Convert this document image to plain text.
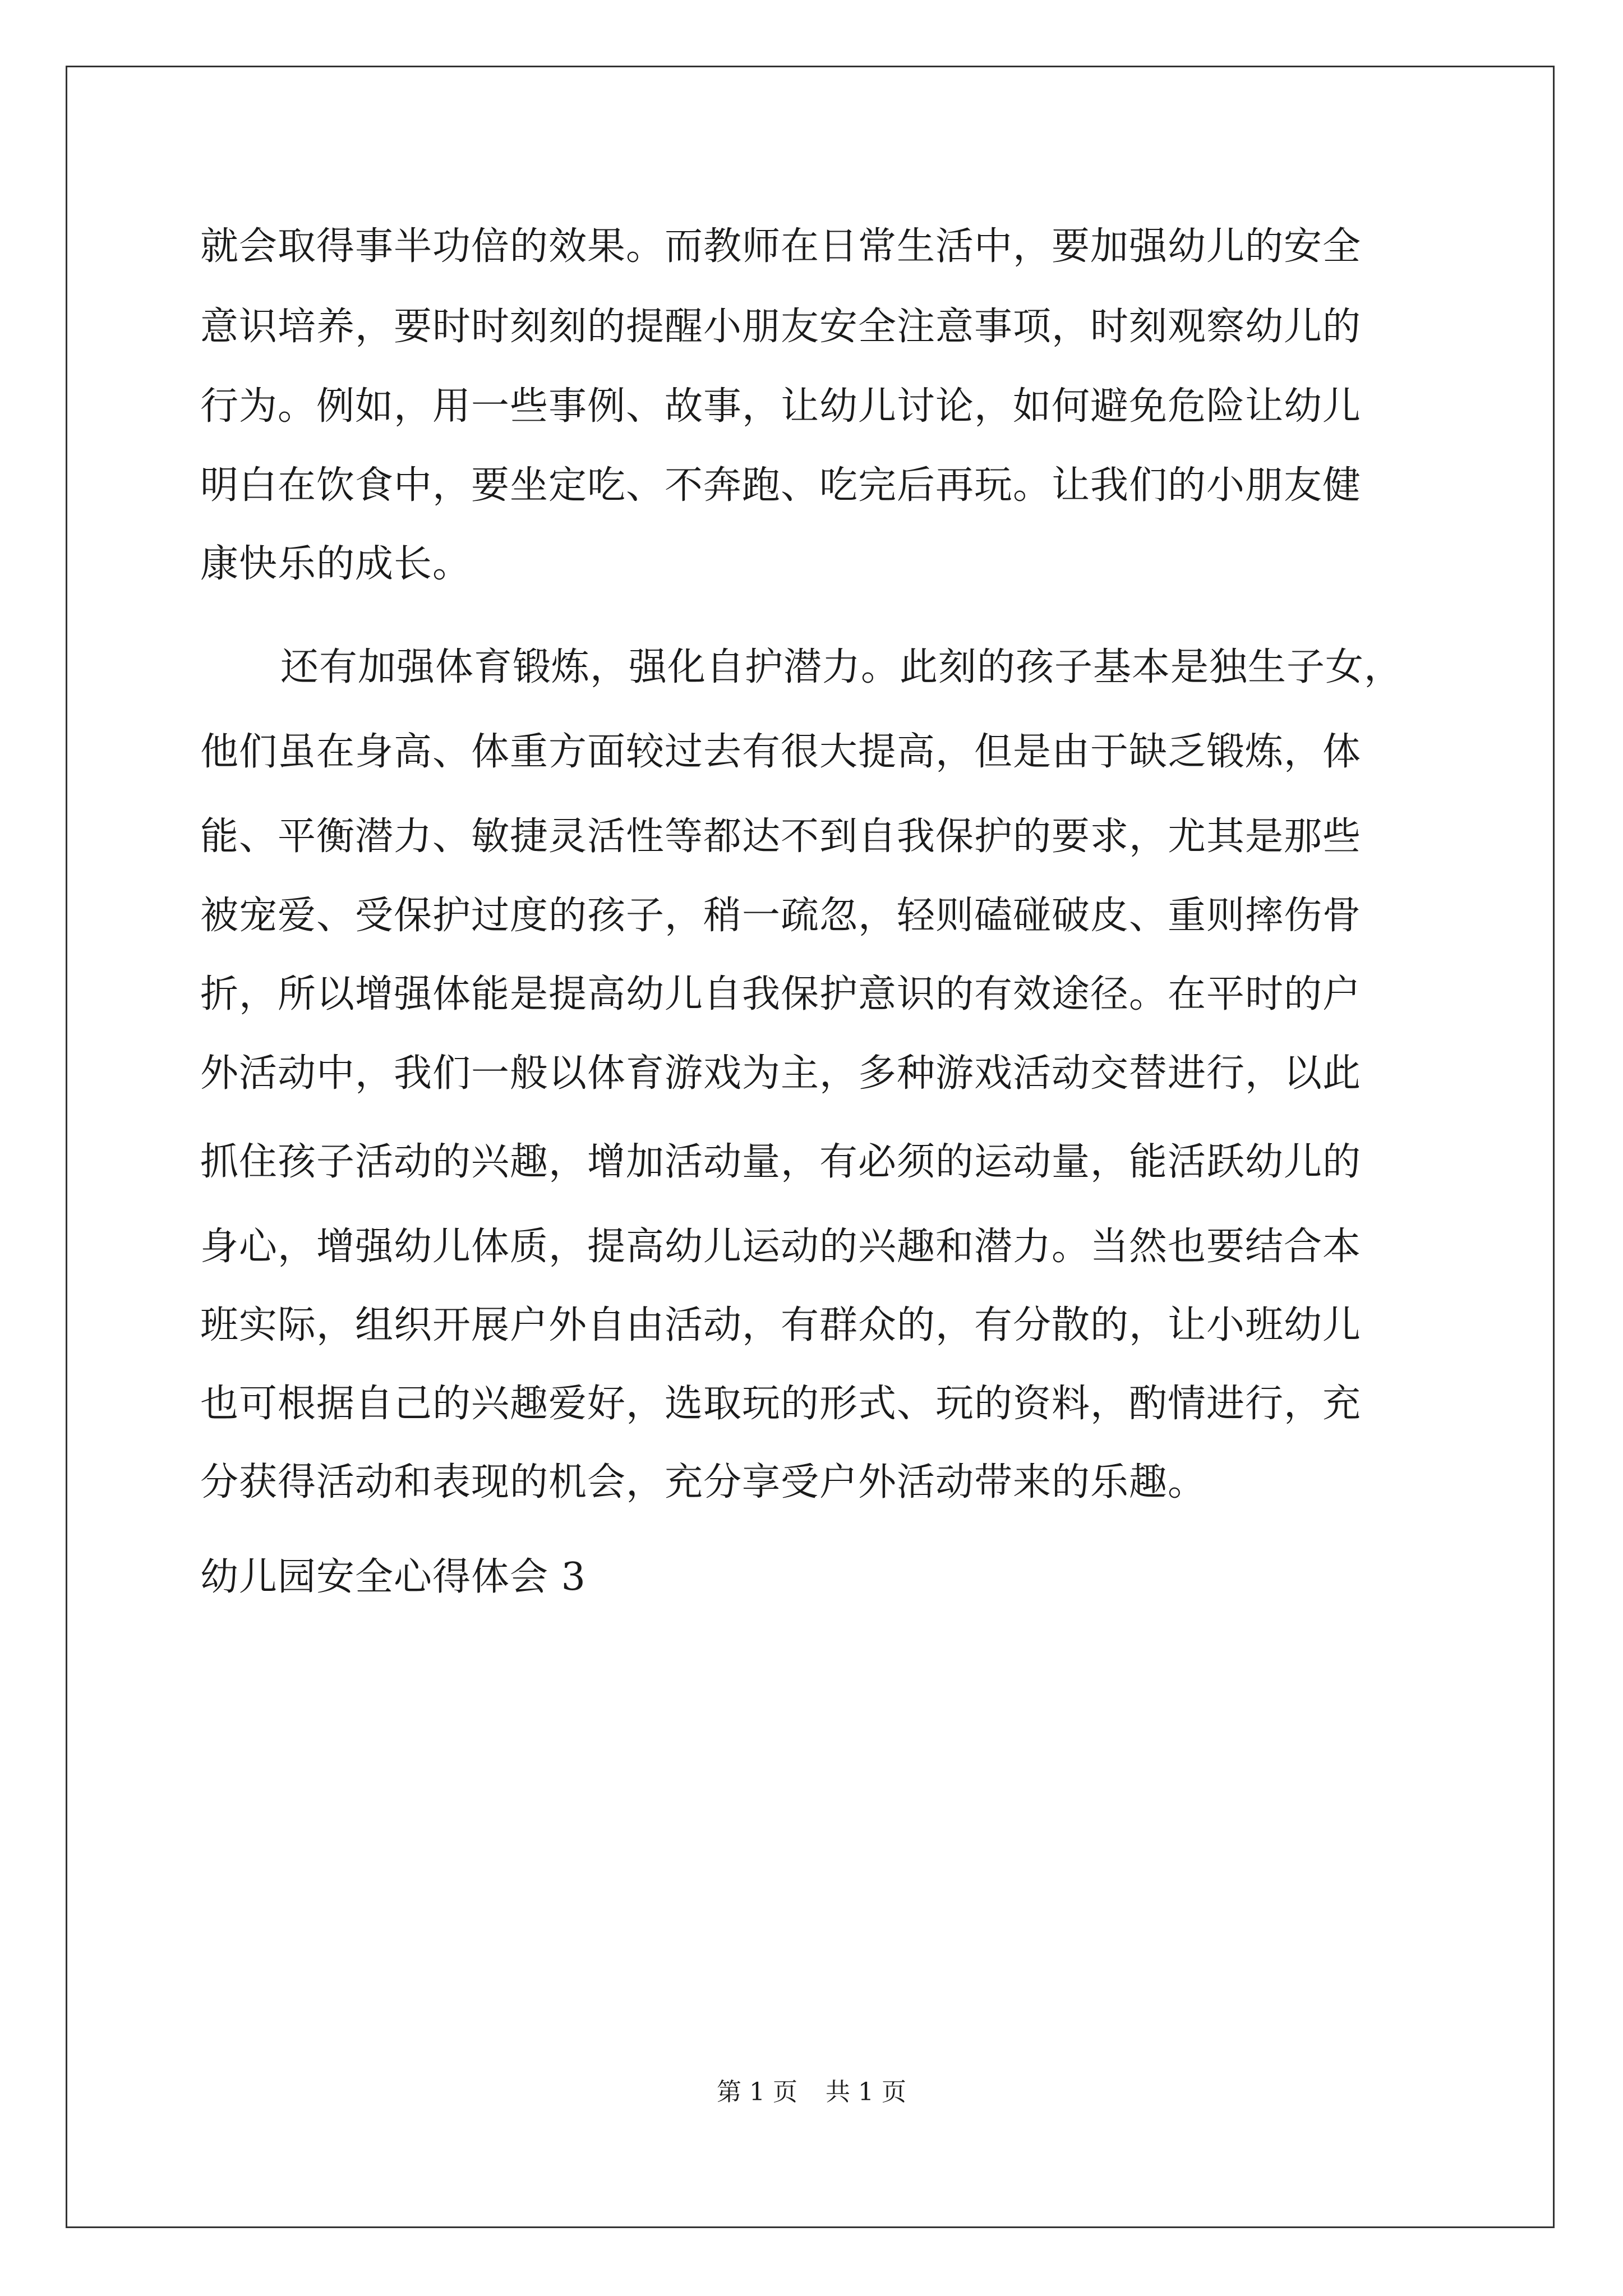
就会取得事半功倍的效果。而教师在日常生活中，要加强幼儿的安全
意识培养，要时时刻刻的提醒小朋友安全注意事项，时刻观察幼儿的
行为。例如，用一些事例、故事，让幼儿讨论，如何避免危险让幼儿
明白在饮食中，要坐定吃、不奔跑、吃完后再玩。让我们的小朋友健
康快乐的成长。
还有加强体育锻炼，强化自护潜力。此刻的孩子基本是独生子女，
他们虽在身高、体重方面较过去有很大提高，但是由于缺乏锻炼，体
能、平衡潜力、敏捷灵活性等都达不到自我保护的要求，尤其是那些
被宠爱、受保护过度的孩子，稍一疏忽，轻则磕碰破皮、重则摔伤骨
折，所以增强体能是提高幼儿自我保护意识的有效途径。在平时的户
外活动中，我们一般以体育游戏为主，多种游戏活动交替进行，以此
抓住孩子活动的兴趣，增加活动量，有必须的运动量，能活跃幼儿的
身心，增强幼儿体质，提高幼儿运动的兴趣和潜力。当然也要结合本
班实际，组织开展户外自由活动，有群众的，有分散的，让小班幼儿
也可根据自己的兴趣爱好，选取玩的形式、玩的资料，酌情进行，充
分获得活动和表现的机会，充分享受户外活动带来的乐趣。
幼儿园安全心得体会 3
第 1 页 共 1 页
